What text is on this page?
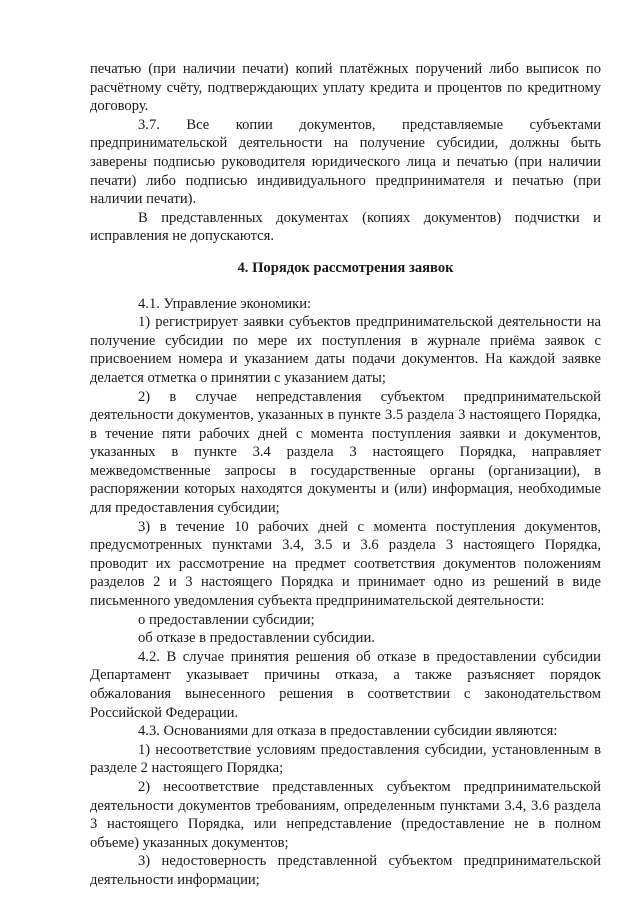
печатью (при наличии печати) копий платёжных поручений либо выписок по расчётному счёту, подтверждающих уплату кредита и процентов по кредитному договору.

3.7. Все копии документов, представляемые субъектами предпринимательской деятельности на получение субсидии, должны быть заверены подписью руководителя юридического лица и печатью (при наличии печати) либо подписью индивидуального предпринимателя и печатью (при наличии печати).

В представленных документах (копиях документов) подчистки и исправления не допускаются.

4. Порядок рассмотрения заявок

4.1. Управление экономики:

1) регистрирует заявки субъектов предпринимательской деятельности на получение субсидии по мере их поступления в журнале приёма заявок с присвоением номера и указанием даты подачи документов. На каждой заявке делается отметка о принятии с указанием даты;

2) в случае непредставления субъектом предпринимательской деятельности документов, указанных в пункте 3.5 раздела 3 настоящего Порядка, в течение пяти рабочих дней с момента поступления заявки и документов, указанных в пункте 3.4 раздела 3 настоящего Порядка, направляет межведомственные запросы в государственные органы (организации), в распоряжении которых находятся документы и (или) информация, необходимые для предоставления субсидии;

3) в течение 10 рабочих дней с момента поступления документов, предусмотренных пунктами 3.4, 3.5 и 3.6 раздела 3 настоящего Порядка, проводит их рассмотрение на предмет соответствия документов положениям разделов 2 и 3 настоящего Порядка и принимает одно из решений в виде письменного уведомления субъекта предпринимательской деятельности:

о предоставлении субсидии;

об отказе в предоставлении субсидии.

4.2. В случае принятия решения об отказе в предоставлении субсидии Департамент указывает причины отказа, а также разъясняет порядок обжалования вынесенного решения в соответствии с законодательством Российской Федерации.

4.3. Основаниями для отказа в предоставлении субсидии являются:

1) несоответствие условиям предоставления субсидии, установленным в разделе 2 настоящего Порядка;

2) несоответствие представленных субъектом предпринимательской деятельности документов требованиям, определенным пунктами 3.4, 3.6 раздела 3 настоящего Порядка, или непредставление (предоставление не в полном объеме) указанных документов;

3) недостоверность представленной субъектом предпринимательской деятельности информации;
